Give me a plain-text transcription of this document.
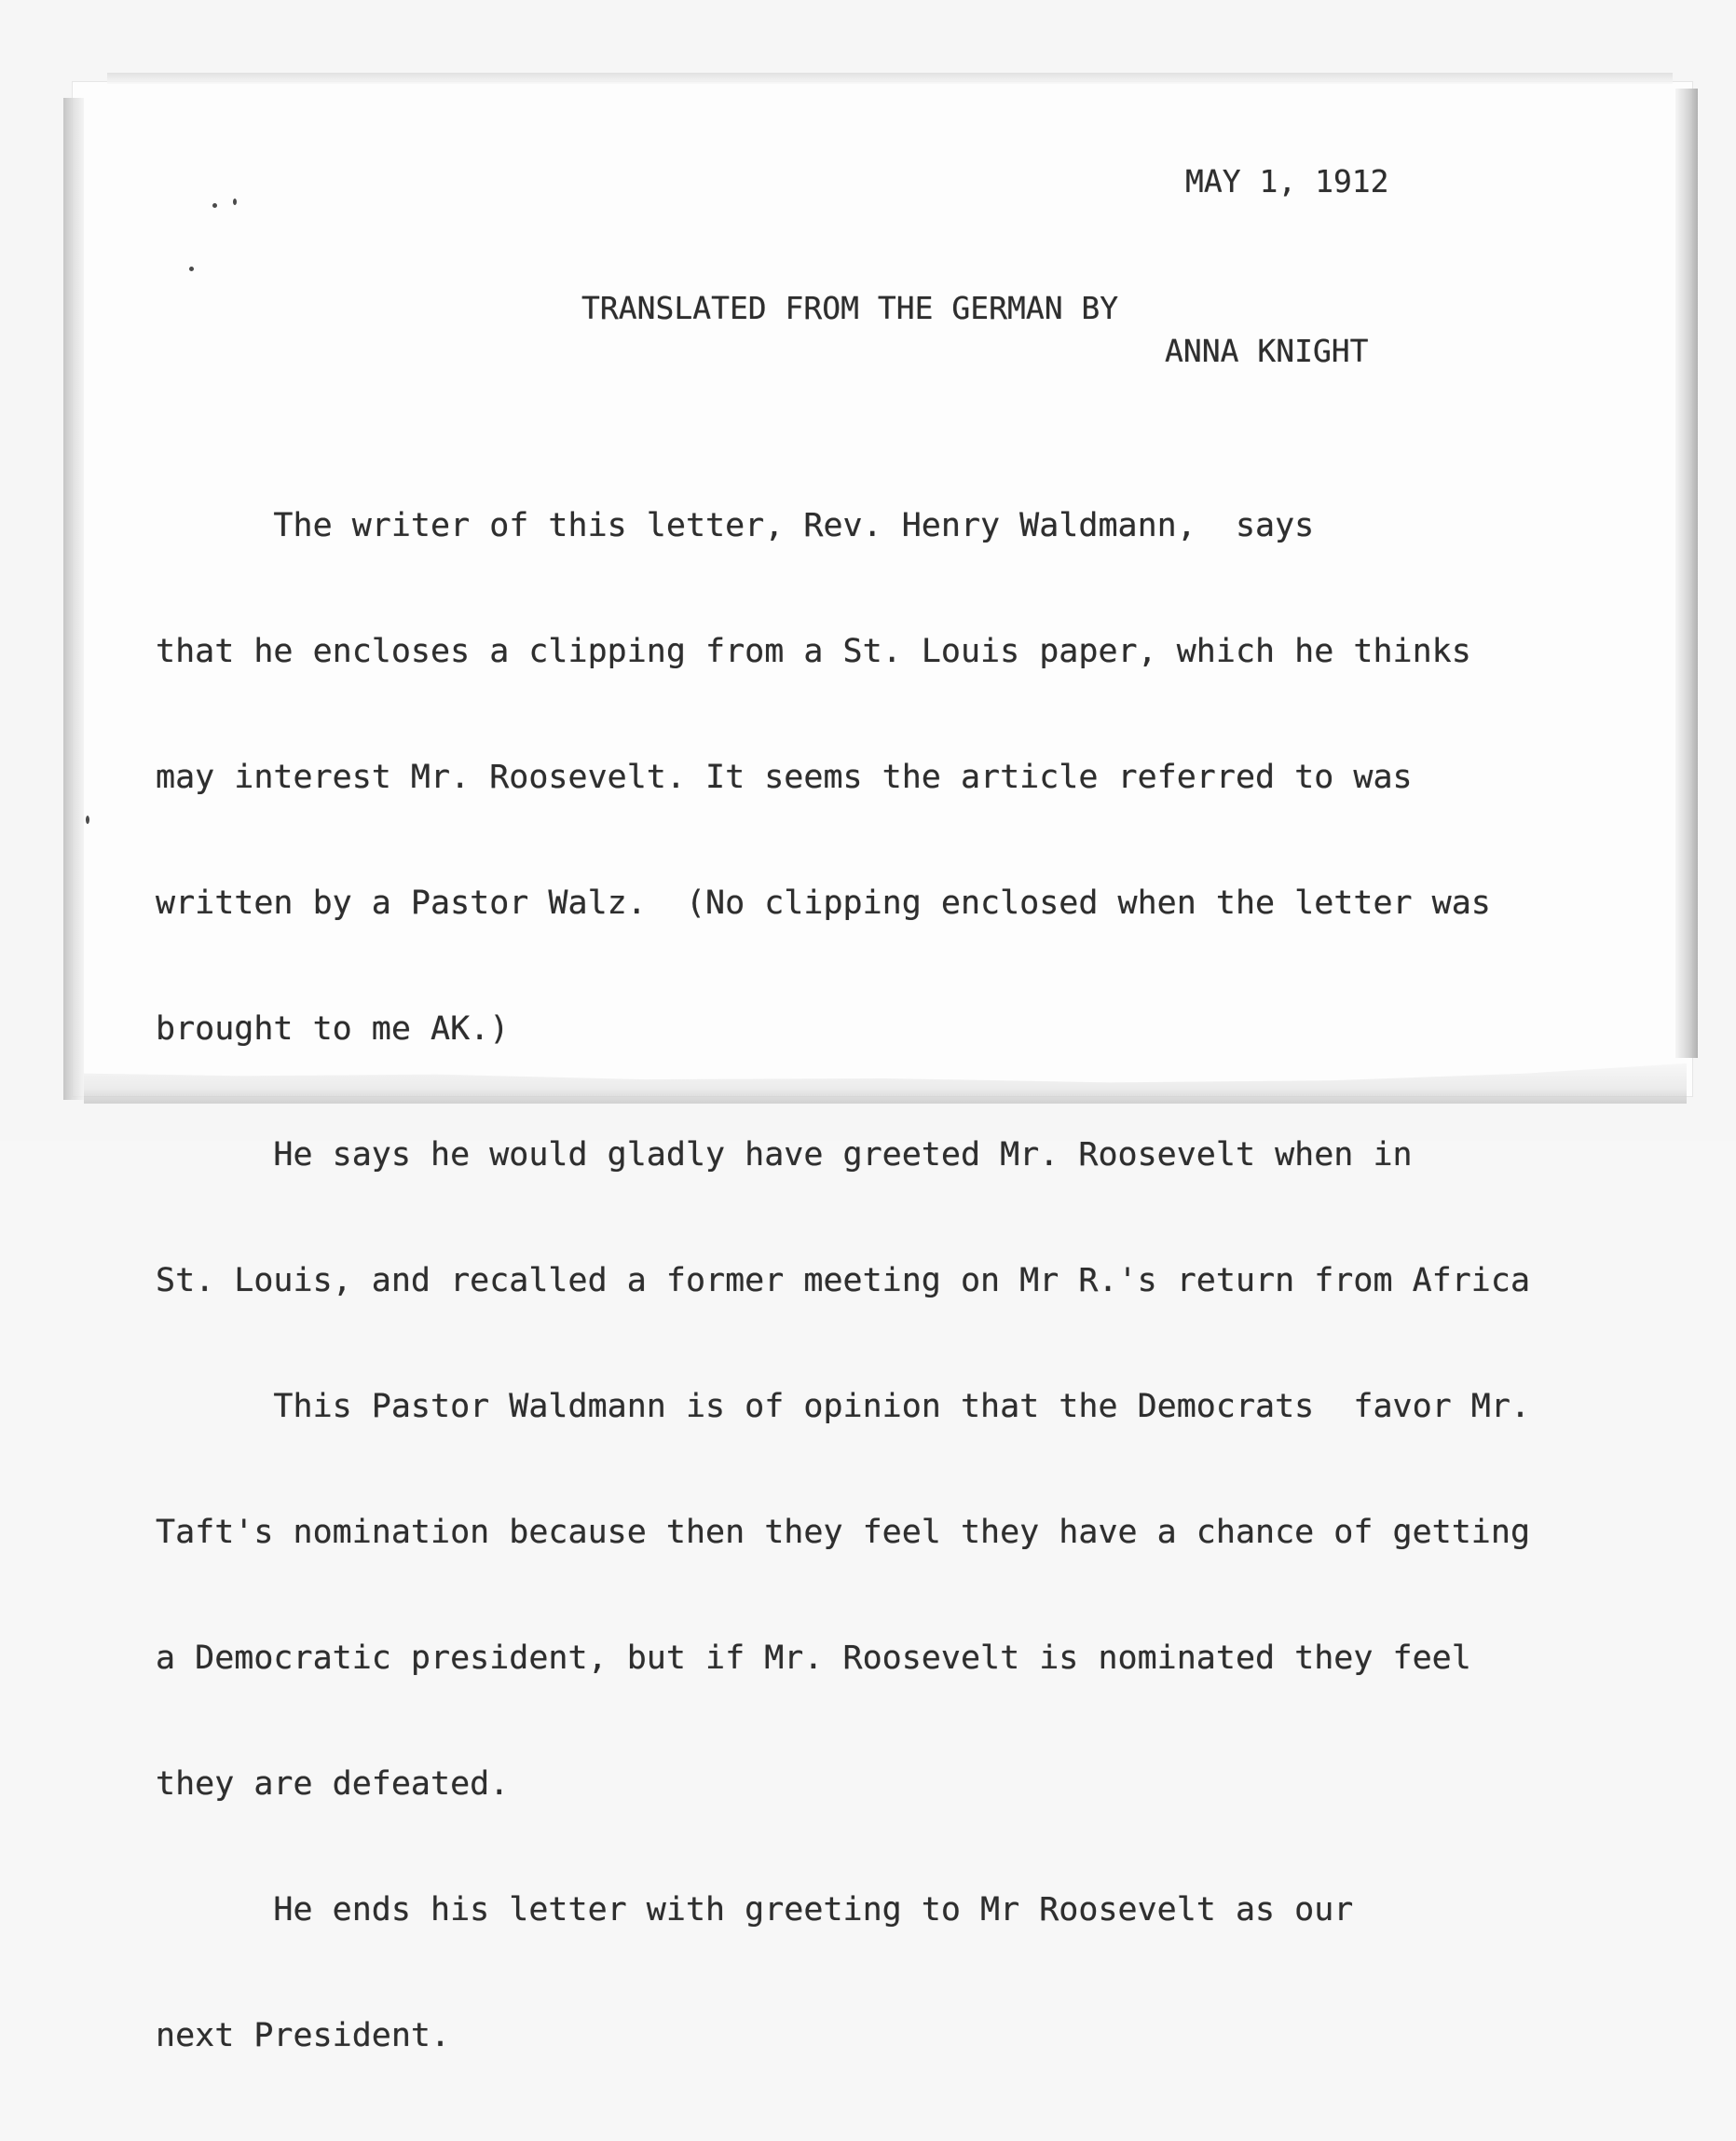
MAY 1, 1912
TRANSLATED FROM THE GERMAN BY
ANNA KNIGHT

The writer of this letter, Rev. Henry Waldmann,  says

that he encloses a clipping from a St. Louis paper, which he thinks

may interest Mr. Roosevelt. It seems the article referred to was

written by a Pastor Walz.  (No clipping enclosed when the letter was

brought to me AK.)

He says he would gladly have greeted Mr. Roosevelt when in

St. Louis, and recalled a former meeting on Mr R.'s return from Africa

This Pastor Waldmann is of opinion that the Democrats  favor Mr.

Taft's nomination because then they feel they have a chance of getting

a Democratic president, but if Mr. Roosevelt is nominated they feel

they are defeated.

He ends his letter with greeting to Mr Roosevelt as our

next President.
